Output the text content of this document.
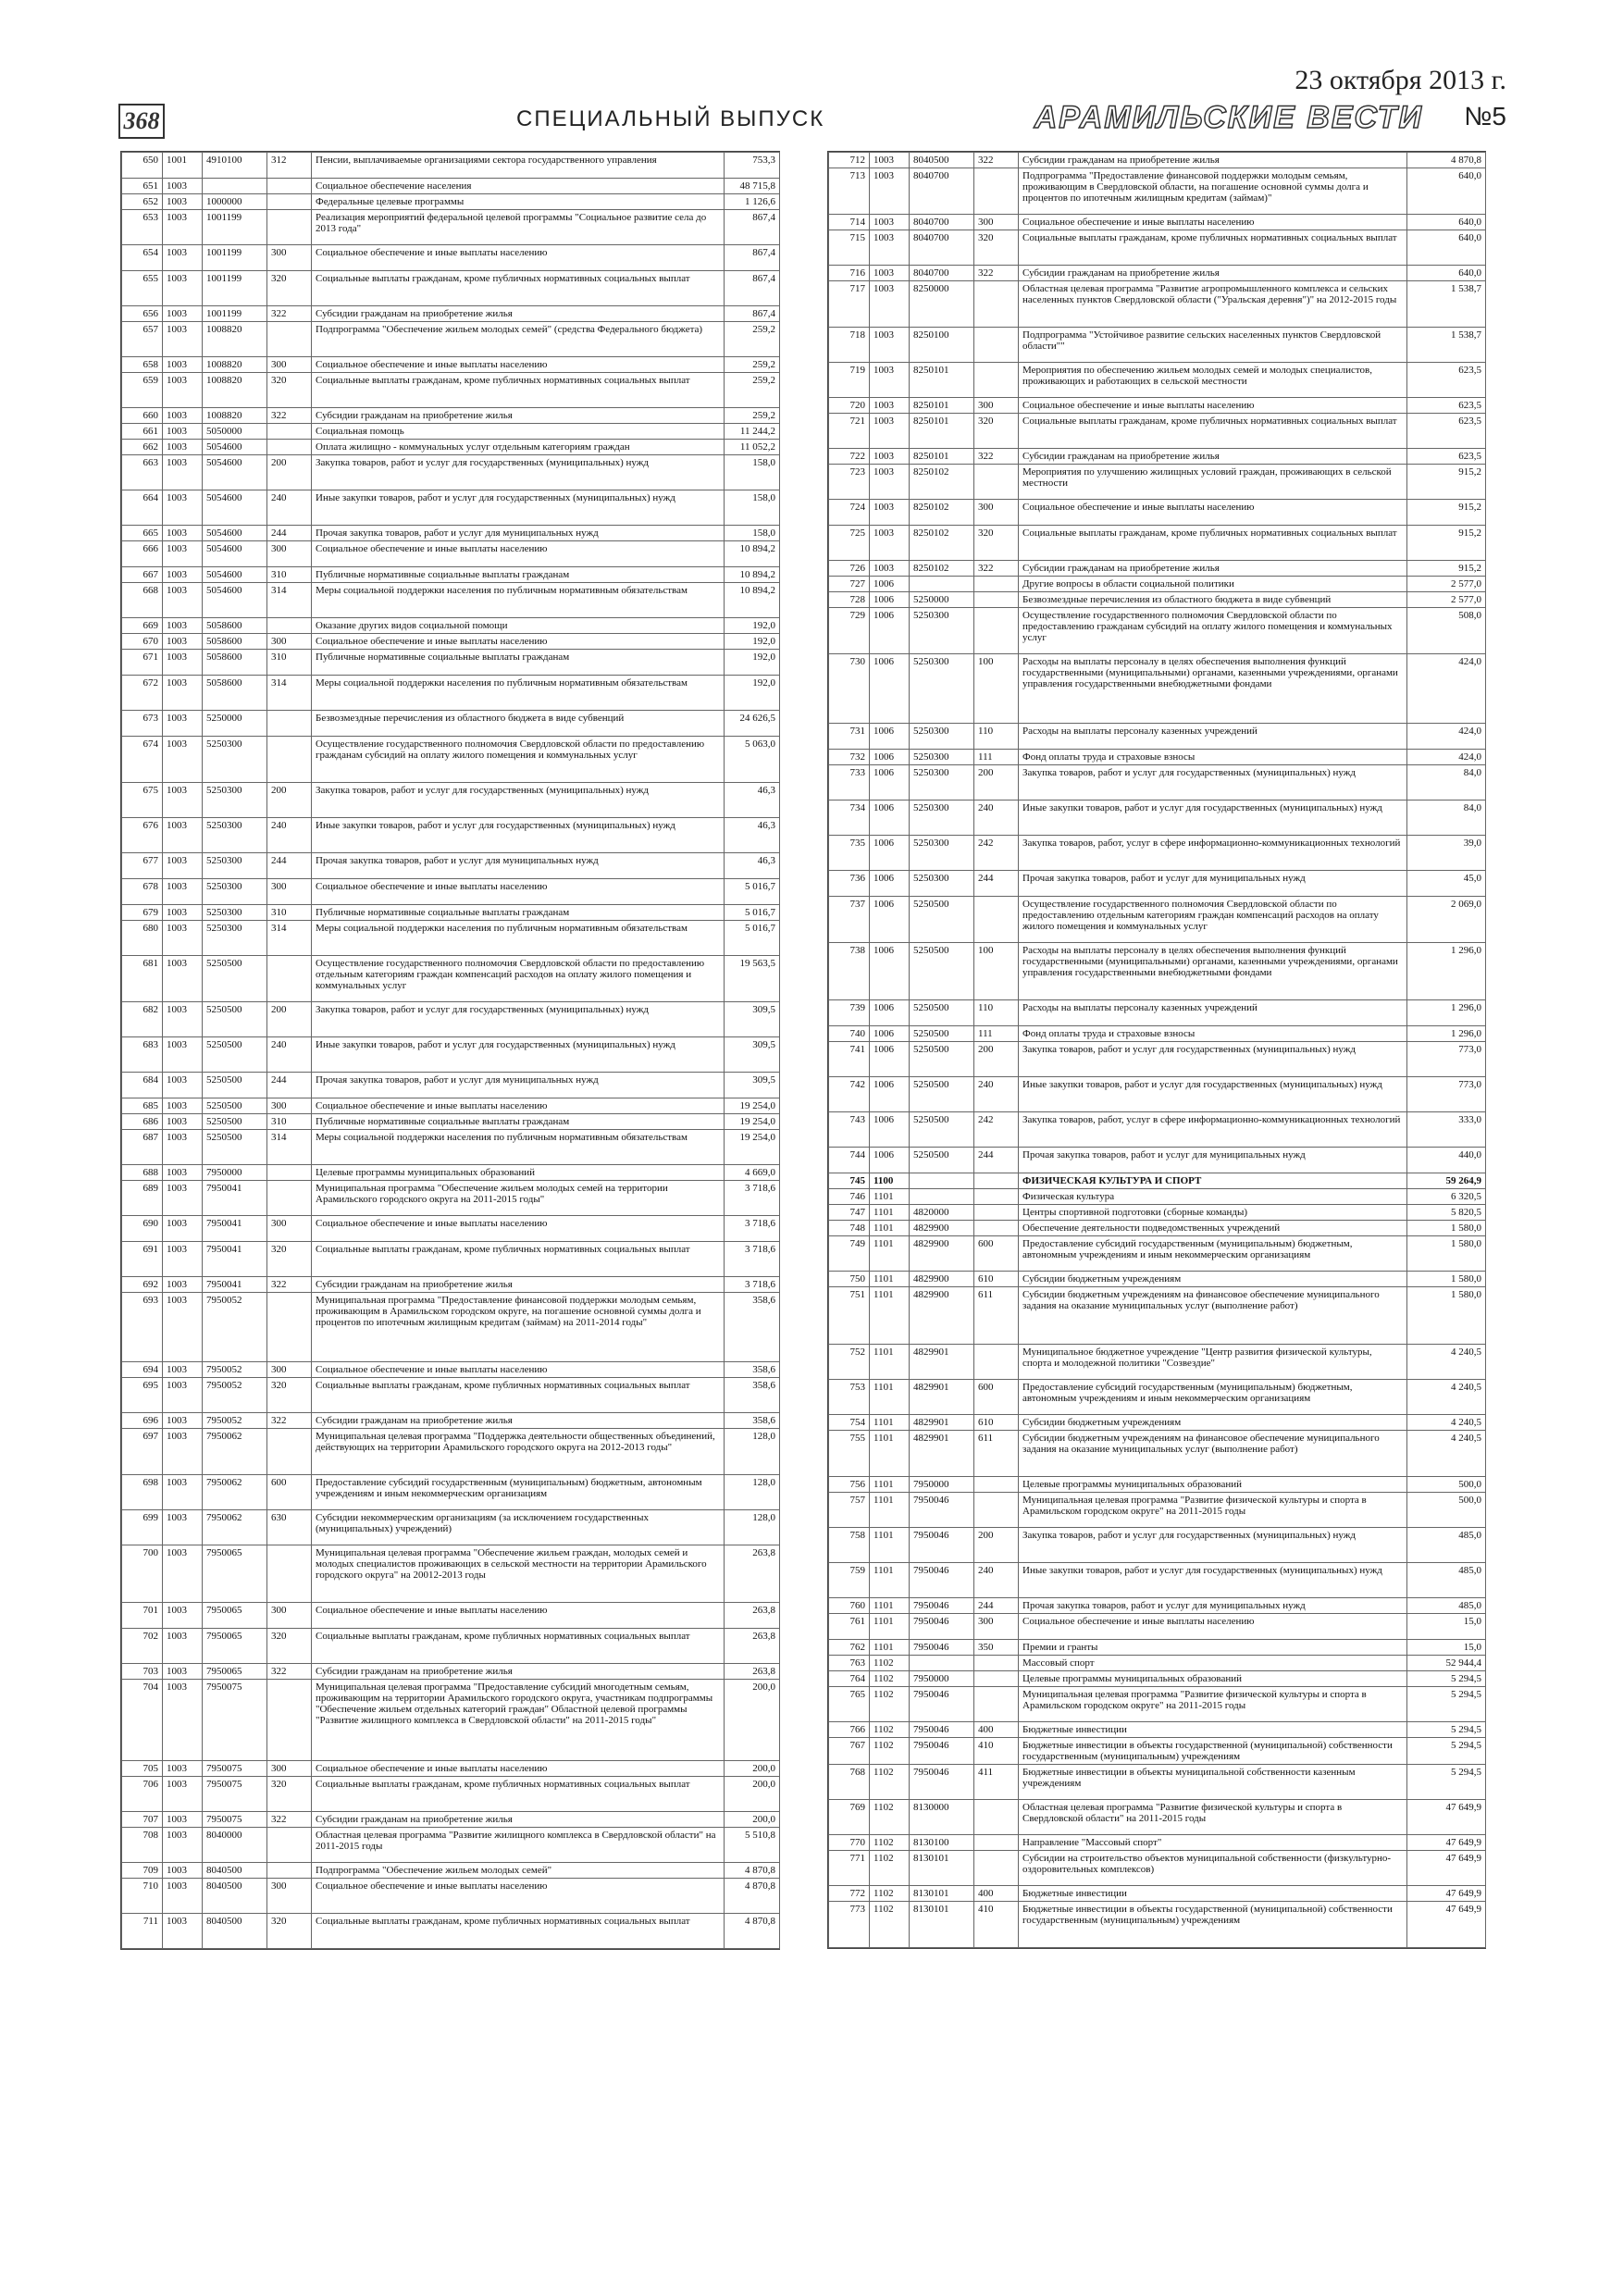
368	СПЕЦИАЛЬНЫЙ ВЫПУСК
23 октября 2013 г.
АРАМИЛЬСКИЕ ВЕСТИ №5
650	1001	4910100	312	Пенсии, выплачиваемые организациями сектора государственного управления	753,3
651	1003			Социальное обеспечение населения	48 715,8
652	1003	1000000		Федеральные целевые программы	1 126,6
653	1003	1001199		Реализация мероприятий федеральной целевой программы "Социальное развитие села до 2013 года"	867,4
654	1003	1001199	300	Социальное обеспечение и иные выплаты населению	867,4
655	1003	1001199	320	Социальные выплаты гражданам, кроме публичных нормативных социальных выплат	867,4
656	1003	1001199	322	Субсидии гражданам на приобретение жилья	867,4
657	1003	1008820		Подпрограмма "Обеспечение жильем молодых семей" (средства Федерального бюджета)	259,2
658	1003	1008820	300	Социальное обеспечение и иные выплаты населению	259,2
659	1003	1008820	320	Социальные выплаты гражданам, кроме публичных нормативных социальных выплат	259,2
660	1003	1008820	322	Субсидии гражданам на приобретение жилья	259,2
661	1003	5050000		Социальная помощь	11 244,2
662	1003	5054600		Оплата жилищно - коммунальных услуг отдельным категориям граждан	11 052,2
663	1003	5054600	200	Закупка товаров, работ и услуг для государственных (муниципальных) нужд	158,0
664	1003	5054600	240	Иные закупки товаров, работ и услуг для государственных (муниципальных) нужд	158,0
665	1003	5054600	244	Прочая закупка товаров, работ и услуг для муниципальных нужд	158,0
666	1003	5054600	300	Социальное обеспечение и иные выплаты населению	10 894,2
667	1003	5054600	310	Публичные нормативные социальные выплаты гражданам	10 894,2
668	1003	5054600	314	Меры социальной поддержки населения по публичным нормативным обязательствам	10 894,2
669	1003	5058600		Оказание других видов социальной помощи	192,0
670	1003	5058600	300	Социальное обеспечение и иные выплаты населению	192,0
671	1003	5058600	310	Публичные нормативные социальные выплаты гражданам	192,0
672	1003	5058600	314	Меры социальной поддержки населения по публичным нормативным обязательствам	192,0
673	1003	5250000		Безвозмездные перечисления из областного бюджета в виде субвенций	24 626,5
674	1003	5250300		Осуществление государственного полномочия Свердловской области по предоставлению гражданам субсидий на оплату жилого помещения и коммунальных услуг	5 063,0
675	1003	5250300	200	Закупка товаров, работ и услуг для государственных (муниципальных) нужд	46,3
676	1003	5250300	240	Иные закупки товаров, работ и услуг для государственных (муниципальных) нужд	46,3
677	1003	5250300	244	Прочая закупка товаров, работ и услуг для муниципальных нужд	46,3
678	1003	5250300	300	Социальное обеспечение и иные выплаты населению	5 016,7
679	1003	5250300	310	Публичные нормативные социальные выплаты гражданам	5 016,7
680	1003	5250300	314	Меры социальной поддержки населения по публичным нормативным обязательствам	5 016,7
681	1003	5250500		Осуществление государственного полномочия Свердловской области по предоставлению отдельным категориям граждан компенсаций расходов на оплату жилого помещения и коммунальных услуг	19 563,5
682	1003	5250500	200	Закупка товаров, работ и услуг для государственных (муниципальных) нужд	309,5
683	1003	5250500	240	Иные закупки товаров, работ и услуг для государственных (муниципальных) нужд	309,5
684	1003	5250500	244	Прочая закупка товаров, работ и услуг для муниципальных нужд	309,5
685	1003	5250500	300	Социальное обеспечение и иные выплаты населению	19 254,0
686	1003	5250500	310	Публичные нормативные социальные выплаты гражданам	19 254,0
687	1003	5250500	314	Меры социальной поддержки населения по публичным нормативным обязательствам	19 254,0
688	1003	7950000		Целевые программы муниципальных образований	4 669,0
689	1003	7950041		Муниципальная программа "Обеспечение жильем молодых семей на территории Арамильского городского округа на 2011-2015 годы"	3 718,6
690	1003	7950041	300	Социальное обеспечение и иные выплаты населению	3 718,6
691	1003	7950041	320	Социальные выплаты гражданам, кроме публичных нормативных социальных выплат	3 718,6
692	1003	7950041	322	Субсидии гражданам на приобретение жилья	3 718,6
693	1003	7950052		Муниципальная программа "Предоставление финансовой поддержки молодым семьям, проживающим в Арамильском городском округе, на погашение основной суммы долга и процентов по ипотечным жилищным кредитам (займам) на 2011-2014 годы"	358,6
694	1003	7950052	300	Социальное обеспечение и иные выплаты населению	358,6
695	1003	7950052	320	Социальные выплаты гражданам, кроме публичных нормативных социальных выплат	358,6
696	1003	7950052	322	Субсидии гражданам на приобретение жилья	358,6
697	1003	7950062		Муниципальная целевая программа "Поддержка деятельности общественных объединений, действующих на территории Арамильского городского округа на 2012-2013 годы"	128,0
698	1003	7950062	600	Предоставление субсидий государственным (муниципальным) бюджетным, автономным учреждениям и иным некоммерческим организациям	128,0
699	1003	7950062	630	Субсидии некоммерческим организациям (за исключением государственных (муниципальных) учреждений)	128,0
700	1003	7950065		Муниципальная целевая программа "Обеспечение жильем граждан, молодых семей и молодых специалистов проживающих в сельской местности на территории Арамильского городского округа" на 20012-2013 годы	263,8
701	1003	7950065	300	Социальное обеспечение и иные выплаты населению	263,8
702	1003	7950065	320	Социальные выплаты гражданам, кроме публичных нормативных социальных выплат	263,8
703	1003	7950065	322	Субсидии гражданам на приобретение жилья	263,8
704	1003	7950075		Муниципальная целевая программа "Предоставление субсидий многодетным семьям, проживающим на территории Арамильского городского округа, участникам подпрограммы "Обеспечение жильем отдельных категорий граждан" Областной целевой программы "Развитие жилищного комплекса в Свердловской области" на 2011-2015 годы"	200,0
705	1003	7950075	300	Социальное обеспечение и иные выплаты населению	200,0
706	1003	7950075	320	Социальные выплаты гражданам, кроме публичных нормативных социальных выплат	200,0
707	1003	7950075	322	Субсидии гражданам на приобретение жилья	200,0
708	1003	8040000		Областная целевая программа "Развитие жилищного комплекса в Свердловской области" на 2011-2015 годы	5 510,8
709	1003	8040500		Подпрограмма "Обеспечение жильем молодых семей"	4 870,8
710	1003	8040500	300	Социальное обеспечение и иные выплаты населению	4 870,8
711	1003	8040500	320	Социальные выплаты гражданам, кроме публичных нормативных социальных выплат	4 870,8
712	1003	8040500	322	Субсидии гражданам на приобретение жилья	4 870,8
713	1003	8040700		Подпрограмма "Предоставление финансовой поддержки молодым семьям, проживающим в Свердловской области, на погашение основной суммы долга и процентов по ипотечным жилищным кредитам (займам)"	640,0
714	1003	8040700	300	Социальное обеспечение и иные выплаты населению	640,0
715	1003	8040700	320	Социальные выплаты гражданам, кроме публичных нормативных социальных выплат	640,0
716	1003	8040700	322	Субсидии гражданам на приобретение жилья	640,0
717	1003	8250000		Областная целевая программа "Развитие агропромышленного комплекса и сельских населенных пунктов Свердловской области ("Уральская деревня")" на 2012-2015 годы	1 538,7
718	1003	8250100		Подпрограмма "Устойчивое развитие сельских населенных пунктов Свердловской области""	1 538,7
719	1003	8250101		Мероприятия по обеспечению жильем молодых семей и молодых специалистов, проживающих и работающих в сельской местности	623,5
720	1003	8250101	300	Социальное обеспечение и иные выплаты населению	623,5
721	1003	8250101	320	Социальные выплаты гражданам, кроме публичных нормативных социальных выплат	623,5
722	1003	8250101	322	Субсидии гражданам на приобретение жилья	623,5
723	1003	8250102		Мероприятия по улучшению жилищных условий граждан, проживающих в сельской местности	915,2
724	1003	8250102	300	Социальное обеспечение и иные выплаты населению	915,2
725	1003	8250102	320	Социальные выплаты гражданам, кроме публичных нормативных социальных выплат	915,2
726	1003	8250102	322	Субсидии гражданам на приобретение жилья	915,2
727	1006			Другие вопросы в области социальной политики	2 577,0
728	1006	5250000		Безвозмездные перечисления из областного бюджета в виде субвенций	2 577,0
729	1006	5250300		Осуществление государственного полномочия Свердловской области по предоставлению гражданам субсидий на оплату жилого помещения и коммунальных услуг	508,0
730	1006	5250300	100	Расходы на выплаты персоналу в целях обеспечения выполнения функций государственными (муниципальными) органами, казенными учреждениями, органами управления государственными внебюджетными фондами	424,0
731	1006	5250300	110	Расходы на выплаты персоналу казенных учреждений	424,0
732	1006	5250300	111	Фонд оплаты труда и страховые взносы	424,0
733	1006	5250300	200	Закупка товаров, работ и услуг для государственных (муниципальных) нужд	84,0
734	1006	5250300	240	Иные закупки товаров, работ и услуг для государственных (муниципальных) нужд	84,0
735	1006	5250300	242	Закупка товаров, работ, услуг в сфере информационно-коммуникационных технологий	39,0
736	1006	5250300	244	Прочая закупка товаров, работ и услуг для муниципальных нужд	45,0
737	1006	5250500		Осуществление государственного полномочия Свердловской области по предоставлению отдельным категориям граждан компенсаций расходов на оплату жилого помещения и коммунальных услуг	2 069,0
738	1006	5250500	100	Расходы на выплаты персоналу в целях обеспечения выполнения функций государственными (муниципальными) органами, казенными учреждениями, органами управления государственными внебюджетными фондами	1 296,0
739	1006	5250500	110	Расходы на выплаты персоналу казенных учреждений	1 296,0
740	1006	5250500	111	Фонд оплаты труда и страховые взносы	1 296,0
741	1006	5250500	200	Закупка товаров, работ и услуг для государственных (муниципальных) нужд	773,0
742	1006	5250500	240	Иные закупки товаров, работ и услуг для государственных (муниципальных) нужд	773,0
743	1006	5250500	242	Закупка товаров, работ, услуг в сфере информационно-коммуникационных технологий	333,0
744	1006	5250500	244	Прочая закупка товаров, работ и услуг для муниципальных нужд	440,0
745	1100			ФИЗИЧЕСКАЯ КУЛЬТУРА И СПОРТ	59 264,9
746	1101			Физическая культура	6 320,5
747	1101	4820000		Центры спортивной подготовки (сборные команды)	5 820,5
748	1101	4829900		Обеспечение деятельности подведомственных учреждений	1 580,0
749	1101	4829900	600	Предоставление субсидий государственным (муниципальным) бюджетным, автономным учреждениям и иным некоммерческим организациям	1 580,0
750	1101	4829900	610	Субсидии бюджетным учреждениям	1 580,0
751	1101	4829900	611	Субсидии бюджетным учреждениям на финансовое обеспечение муниципального задания на оказание муниципальных услуг (выполнение работ)	1 580,0
752	1101	4829901		Муниципальное бюджетное учреждение "Центр развития физической культуры, спорта и молодежной политики "Созвездие"	4 240,5
753	1101	4829901	600	Предоставление субсидий государственным (муниципальным) бюджетным, автономным учреждениям и иным некоммерческим организациям	4 240,5
754	1101	4829901	610	Субсидии бюджетным учреждениям	4 240,5
755	1101	4829901	611	Субсидии бюджетным учреждениям на финансовое обеспечение муниципального задания на оказание муниципальных услуг (выполнение работ)	4 240,5
756	1101	7950000		Целевые программы муниципальных образований	500,0
757	1101	7950046		Муниципальная целевая программа "Развитие физической культуры и спорта в Арамильском городском округе" на 2011-2015 годы	500,0
758	1101	7950046	200	Закупка товаров, работ и услуг для государственных (муниципальных) нужд	485,0
759	1101	7950046	240	Иные закупки товаров, работ и услуг для государственных (муниципальных) нужд	485,0
760	1101	7950046	244	Прочая закупка товаров, работ и услуг для муниципальных нужд	485,0
761	1101	7950046	300	Социальное обеспечение и иные выплаты населению	15,0
762	1101	7950046	350	Премии и гранты	15,0
763	1102			Массовый спорт	52 944,4
764	1102	7950000		Целевые программы муниципальных образований	5 294,5
765	1102	7950046		Муниципальная целевая программа "Развитие физической культуры и спорта в Арамильском городском округе" на 2011-2015 годы	5 294,5
766	1102	7950046	400	Бюджетные инвестиции	5 294,5
767	1102	7950046	410	Бюджетные инвестиции в объекты государственной (муниципальной) собственности государственным (муниципальным) учреждениям	5 294,5
768	1102	7950046	411	Бюджетные инвестиции в объекты муниципальной собственности казенным учреждениям	5 294,5
769	1102	8130000		Областная целевая программа "Развитие физической культуры и спорта в Свердловской области" на 2011-2015 годы	47 649,9
770	1102	8130100		Направление "Массовый спорт"	47 649,9
771	1102	8130101		Субсидии на строительство объектов муниципальной собственности (физкультурно-оздоровительных комплексов)	47 649,9
772	1102	8130101	400	Бюджетные инвестиции	47 649,9
773	1102	8130101	410	Бюджетные инвестиции в объекты государственной (муниципальной) собственности государственным (муниципальным) учреждениям	47 649,9
